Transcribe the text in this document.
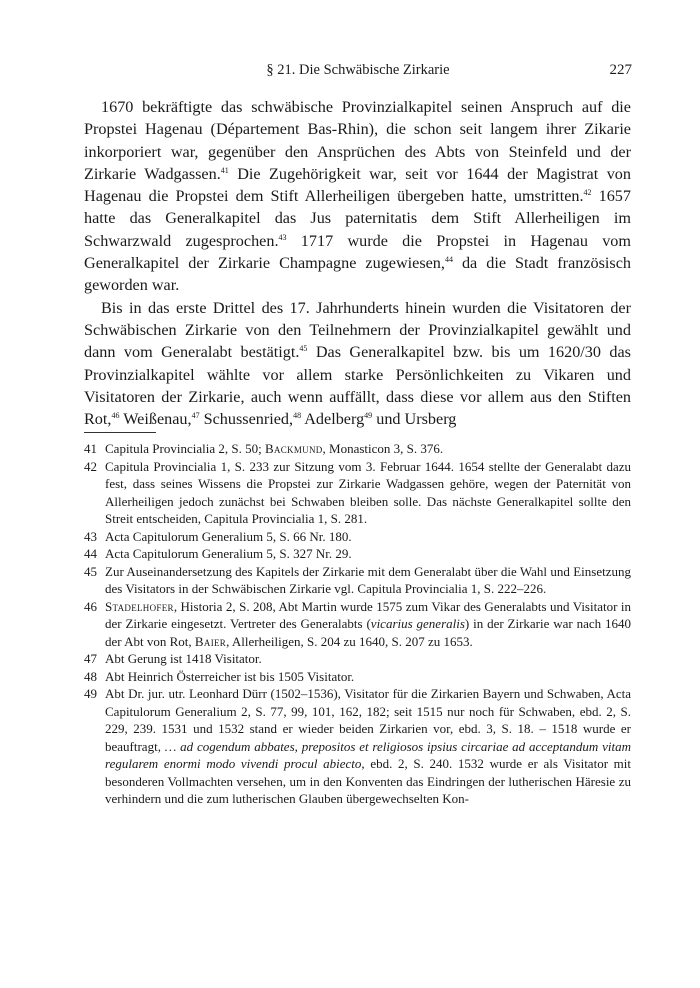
§ 21. Die Schwäbische Zirkarie	227

1670 bekräftigte das schwäbische Provinzialkapitel seinen Anspruch auf die Propstei Hagenau (Département Bas-Rhin), die schon seit langem ihrer Zikarie inkorporiert war, gegenüber den Ansprüchen des Abts von Steinfeld und der Zirkarie Wadgassen.$^{41}$ Die Zugehörigkeit war, seit vor 1644 der Magistrat von Hagenau die Propstei dem Stift Allerheiligen übergeben hatte, umstritten.$^{42}$ 1657 hatte das Generalkapitel das Jus paternitatis dem Stift Allerheiligen im Schwarzwald zugesprochen.$^{43}$ 1717 wurde die Propstei in Hagenau vom Generalkapitel der Zirkarie Champagne zugewiesen,$^{44}$ da die Stadt französisch geworden war.

Bis in das erste Drittel des 17. Jahrhunderts hinein wurden die Visitatoren der Schwäbischen Zirkarie von den Teilnehmern der Provinzialkapitel gewählt und dann vom Generalabt bestätigt.$^{45}$ Das Generalkapitel bzw. bis um 1620/30 das Provinzialkapitel wählte vor allem starke Persönlichkeiten zu Vikaren und Visitatoren der Zirkarie, auch wenn auffällt, dass diese vor allem aus den Stiften Rot,$^{46}$ Weißenau,$^{47}$ Schussenried,$^{48}$ Adelberg$^{49}$ und Ursberg

41 Capitula Provincialia 2, S. 50; Backmund, Monasticon 3, S. 376.
42 Capitula Provincialia 1, S. 233 zur Sitzung vom 3. Februar 1644. 1654 stellte der Generalabt dazu fest, dass seines Wissens die Propstei zur Zirkarie Wadgassen gehöre, wegen der Paternität von Allerheiligen jedoch zunächst bei Schwaben bleiben solle. Das nächste Generalkapitel sollte den Streit entscheiden, Capitula Provincialia 1, S. 281.
43 Acta Capitulorum Generalium 5, S. 66 Nr. 180.
44 Acta Capitulorum Generalium 5, S. 327 Nr. 29.
45 Zur Auseinandersetzung des Kapitels der Zirkarie mit dem Generalabt über die Wahl und Einsetzung des Visitators in der Schwäbischen Zirkarie vgl. Capitula Provincialia 1, S. 222–226.
46 Stadelhofer, Historia 2, S. 208, Abt Martin wurde 1575 zum Vikar des Generalabts und Visitator in der Zirkarie eingesetzt. Vertreter des Generalabts (vicarius generalis) in der Zirkarie war nach 1640 der Abt von Rot, Baier, Allerheiligen, S. 204 zu 1640, S. 207 zu 1653.
47 Abt Gerung ist 1418 Visitator.
48 Abt Heinrich Österreicher ist bis 1505 Visitator.
49 Abt Dr. jur. utr. Leonhard Dürr (1502–1536), Visitator für die Zirkarien Bayern und Schwaben, Acta Capitulorum Generalium 2, S. 77, 99, 101, 162, 182; seit 1515 nur noch für Schwaben, ebd. 2, S. 229, 239. 1531 und 1532 stand er wieder beiden Zirkarien vor, ebd. 3, S. 18. – 1518 wurde er beauftragt, … ad cogendum abbates, prepositos et religiosos ipsius circariae ad acceptandum vitam regularem enormi modo vivendi procul abiecto, ebd. 2, S. 240. 1532 wurde er als Visitator mit besonderen Vollmachten versehen, um in den Konventen das Eindringen der lutherischen Häresie zu verhindern und die zum lutherischen Glauben übergewechselten Kon-
